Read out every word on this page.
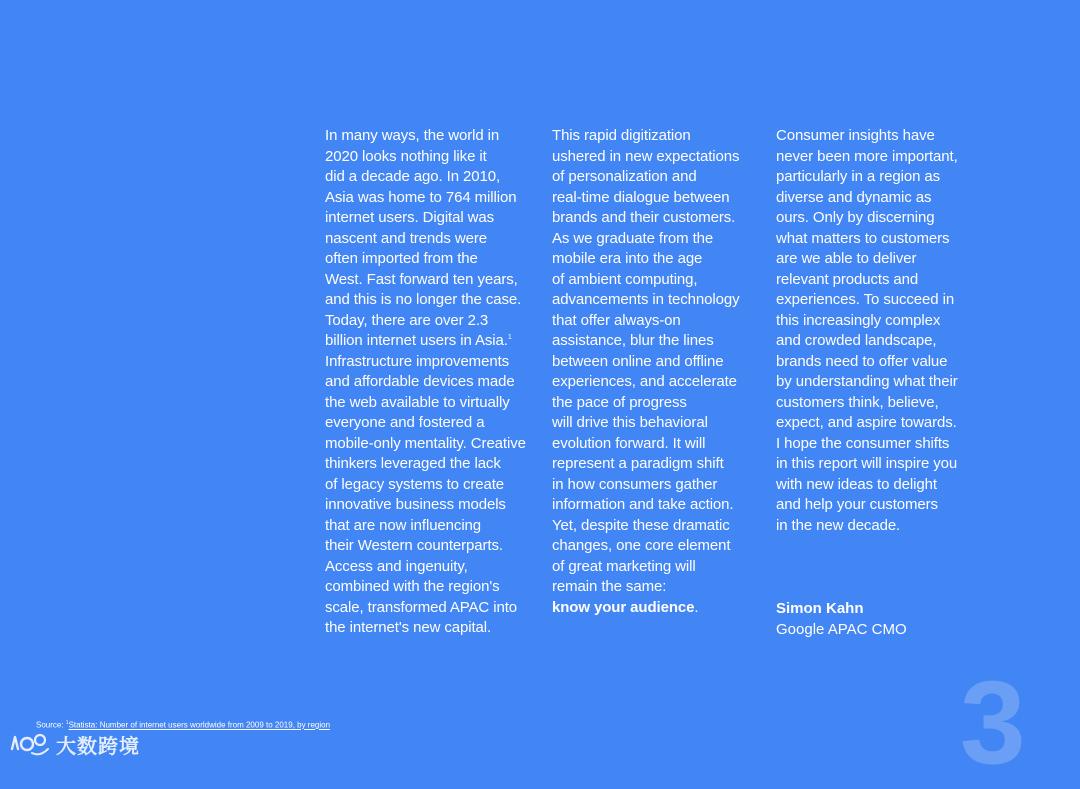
In many ways, the world in
2020 looks nothing like it
did a decade ago. In 2010,
Asia was home to 764 million
internet users. Digital was
nascent and trends were
often imported from the
West. Fast forward ten years,
and this is no longer the case.
Today, there are over 2.3
billion internet users in Asia.$^1$
Infrastructure improvements
and affordable devices made
the web available to virtually
everyone and fostered a
mobile-only mentality. Creative
thinkers leveraged the lack
of legacy systems to create
innovative business models
that are now influencing
their Western counterparts.
Access and ingenuity,
combined with the region's
scale, transformed APAC into
the internet's new capital.
This rapid digitization
ushered in new expectations
of personalization and
real-time dialogue between
brands and their customers.
As we graduate from the
mobile era into the age
of ambient computing,
advancements in technology
that offer always-on
assistance, blur the lines
between online and offline
experiences, and accelerate
the pace of progress
will drive this behavioral
evolution forward. It will
represent a paradigm shift
in how consumers gather
information and take action.
Yet, despite these dramatic
changes, one core element
of great marketing will
remain the same:
know your audience.
Consumer insights have
never been more important,
particularly in a region as
diverse and dynamic as
ours. Only by discerning
what matters to customers
are we able to deliver
relevant products and
experiences. To succeed in
this increasingly complex
and crowded landscape,
brands need to offer value
by understanding what their
customers think, believe,
expect, and aspire towards.
I hope the consumer shifts
in this report will inspire you
with new ideas to delight
and help your customers
in the new decade.
Simon Kahn
Google APAC CMO
Source: $^1$Statista: Number of internet users worldwide from 2009 to 2019, by region	3
大数跨境
